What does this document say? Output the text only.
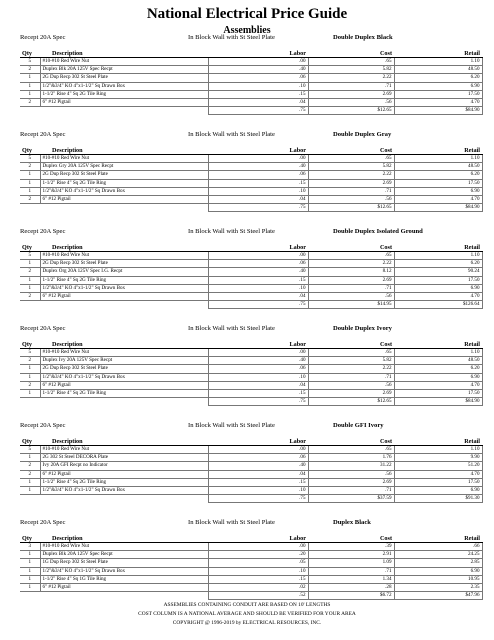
National Electrical Price Guide
Assemblies
Recept 20A Spec	In Block Wall with St Steel Plate	Double Duplex Black
Qty	Description	Labor	Cost	Retail
5	#10-#10 Red Wire Nut	.00	.65	1.10
2	Duplex Blk 20A 125V Spec Recpt	.40	5.82	48.50
1	2G Dup Recp 302 St Steel Plate	.06	2.22	6.20
1	1/2"&3/4" KO 4"x1-1/2" Sq Drawn Box	.10	.71	6.90
1	1-1/2" Rise 4" Sq 2G Tile Ring	.15	2.69	17.50
2	6" #12 Pigtail	.04	.56	4.70
		.75	$12.65	$84.90
Recept 20A Spec	In Block Wall with St Steel Plate	Double Duplex Gray
Qty	Description	Labor	Cost	Retail
5	#10-#10 Red Wire Nut	.00	.65	1.10
2	Duplex Gry 20A 125V Spec Recpt	.40	5.82	48.50
1	2G Dup Recp 302 St Steel Plate	.06	2.22	6.20
1	1-1/2" Rise 4" Sq 2G Tile Ring	.15	2.69	17.50
1	1/2"&3/4" KO 4"x1-1/2" Sq Drawn Box	.10	.71	6.90
2	6" #12 Pigtail	.04	.56	4.70
		.75	$12.65	$84.90
Recept 20A Spec	In Block Wall with St Steel Plate	Double Duplex Isolated Ground
Qty	Description	Labor	Cost	Retail
5	#10-#10 Red Wire Nut	.00	.65	1.10
1	2G Dup Recp 302 St Steel Plate	.06	2.22	6.20
2	Duplex Org 20A 125V Spec I.G. Recpt	.40	8.12	90.24
1	1-1/2" Rise 4" Sq 2G Tile Ring	.15	2.69	17.50
1	1/2"&3/4" KO 4"x1-1/2" Sq Drawn Box	.10	.71	6.90
2	6" #12 Pigtail	.04	.56	4.70
		.75	$14.95	$126.64
Recept 20A Spec	In Block Wall with St Steel Plate	Double Duplex Ivory
Qty	Description	Labor	Cost	Retail
5	#10-#10 Red Wire Nut	.00	.65	1.10
2	Duplex Ivy 20A 125V Spec Recpt	.40	5.82	48.50
1	2G Dup Recp 302 St Steel Plate	.06	2.22	6.20
1	1/2"&3/4" KO 4"x1-1/2" Sq Drawn Box	.10	.71	6.90
2	6" #12 Pigtail	.04	.56	4.70
1	1-1/2" Rise 4" Sq 2G Tile Ring	.15	2.69	17.50
		.75	$12.65	$84.90
Recept 20A Spec	In Block Wall with St Steel Plate	Double GFI Ivory
Qty	Description	Labor	Cost	Retail
5	#10-#10 Red Wire Nut	.00	.65	1.10
1	2G 302 St Steel DECORA Plate	.06	1.76	9.90
2	Ivy 20A GFI Recpt no Indicator	.40	31.22	51.20
2	6" #12 Pigtail	.04	.56	4.70
1	1-1/2" Rise 4" Sq 2G Tile Ring	.15	2.69	17.50
1	1/2"&3/4" KO 4"x1-1/2" Sq Drawn Box	.10	.71	6.90
		.75	$37.59	$91.30
Recept 20A Spec	In Block Wall with St Steel Plate	Duplex Black
Qty	Description	Labor	Cost	Retail
3	#10-#10 Red Wire Nut	.00	.39	.66
1	Duplex Blk 20A 125V Spec Recpt	.20	2.91	24.25
1	1G Dup Recp 302 St Steel Plate	.05	1.09	2.85
1	1/2"&3/4" KO 4"x1-1/2" Sq Drawn Box	.10	.71	6.90
1	1-1/2" Rise 4" Sq 1G Tile Ring	.15	1.34	10.95
1	6" #12 Pigtail	.02	.28	2.35
		.52	$6.72	$47.96
ASSEMBLIES CONTAINING CONDUIT ARE BASED ON 10' LENGTHS
COST COLUMN IS A NATIONAL AVERAGE AND SHOULD BE VERIFIED FOR YOUR AREA
COPYRIGHT @ 1996-2019 by ELECTRICAL RESOURCES, INC.
